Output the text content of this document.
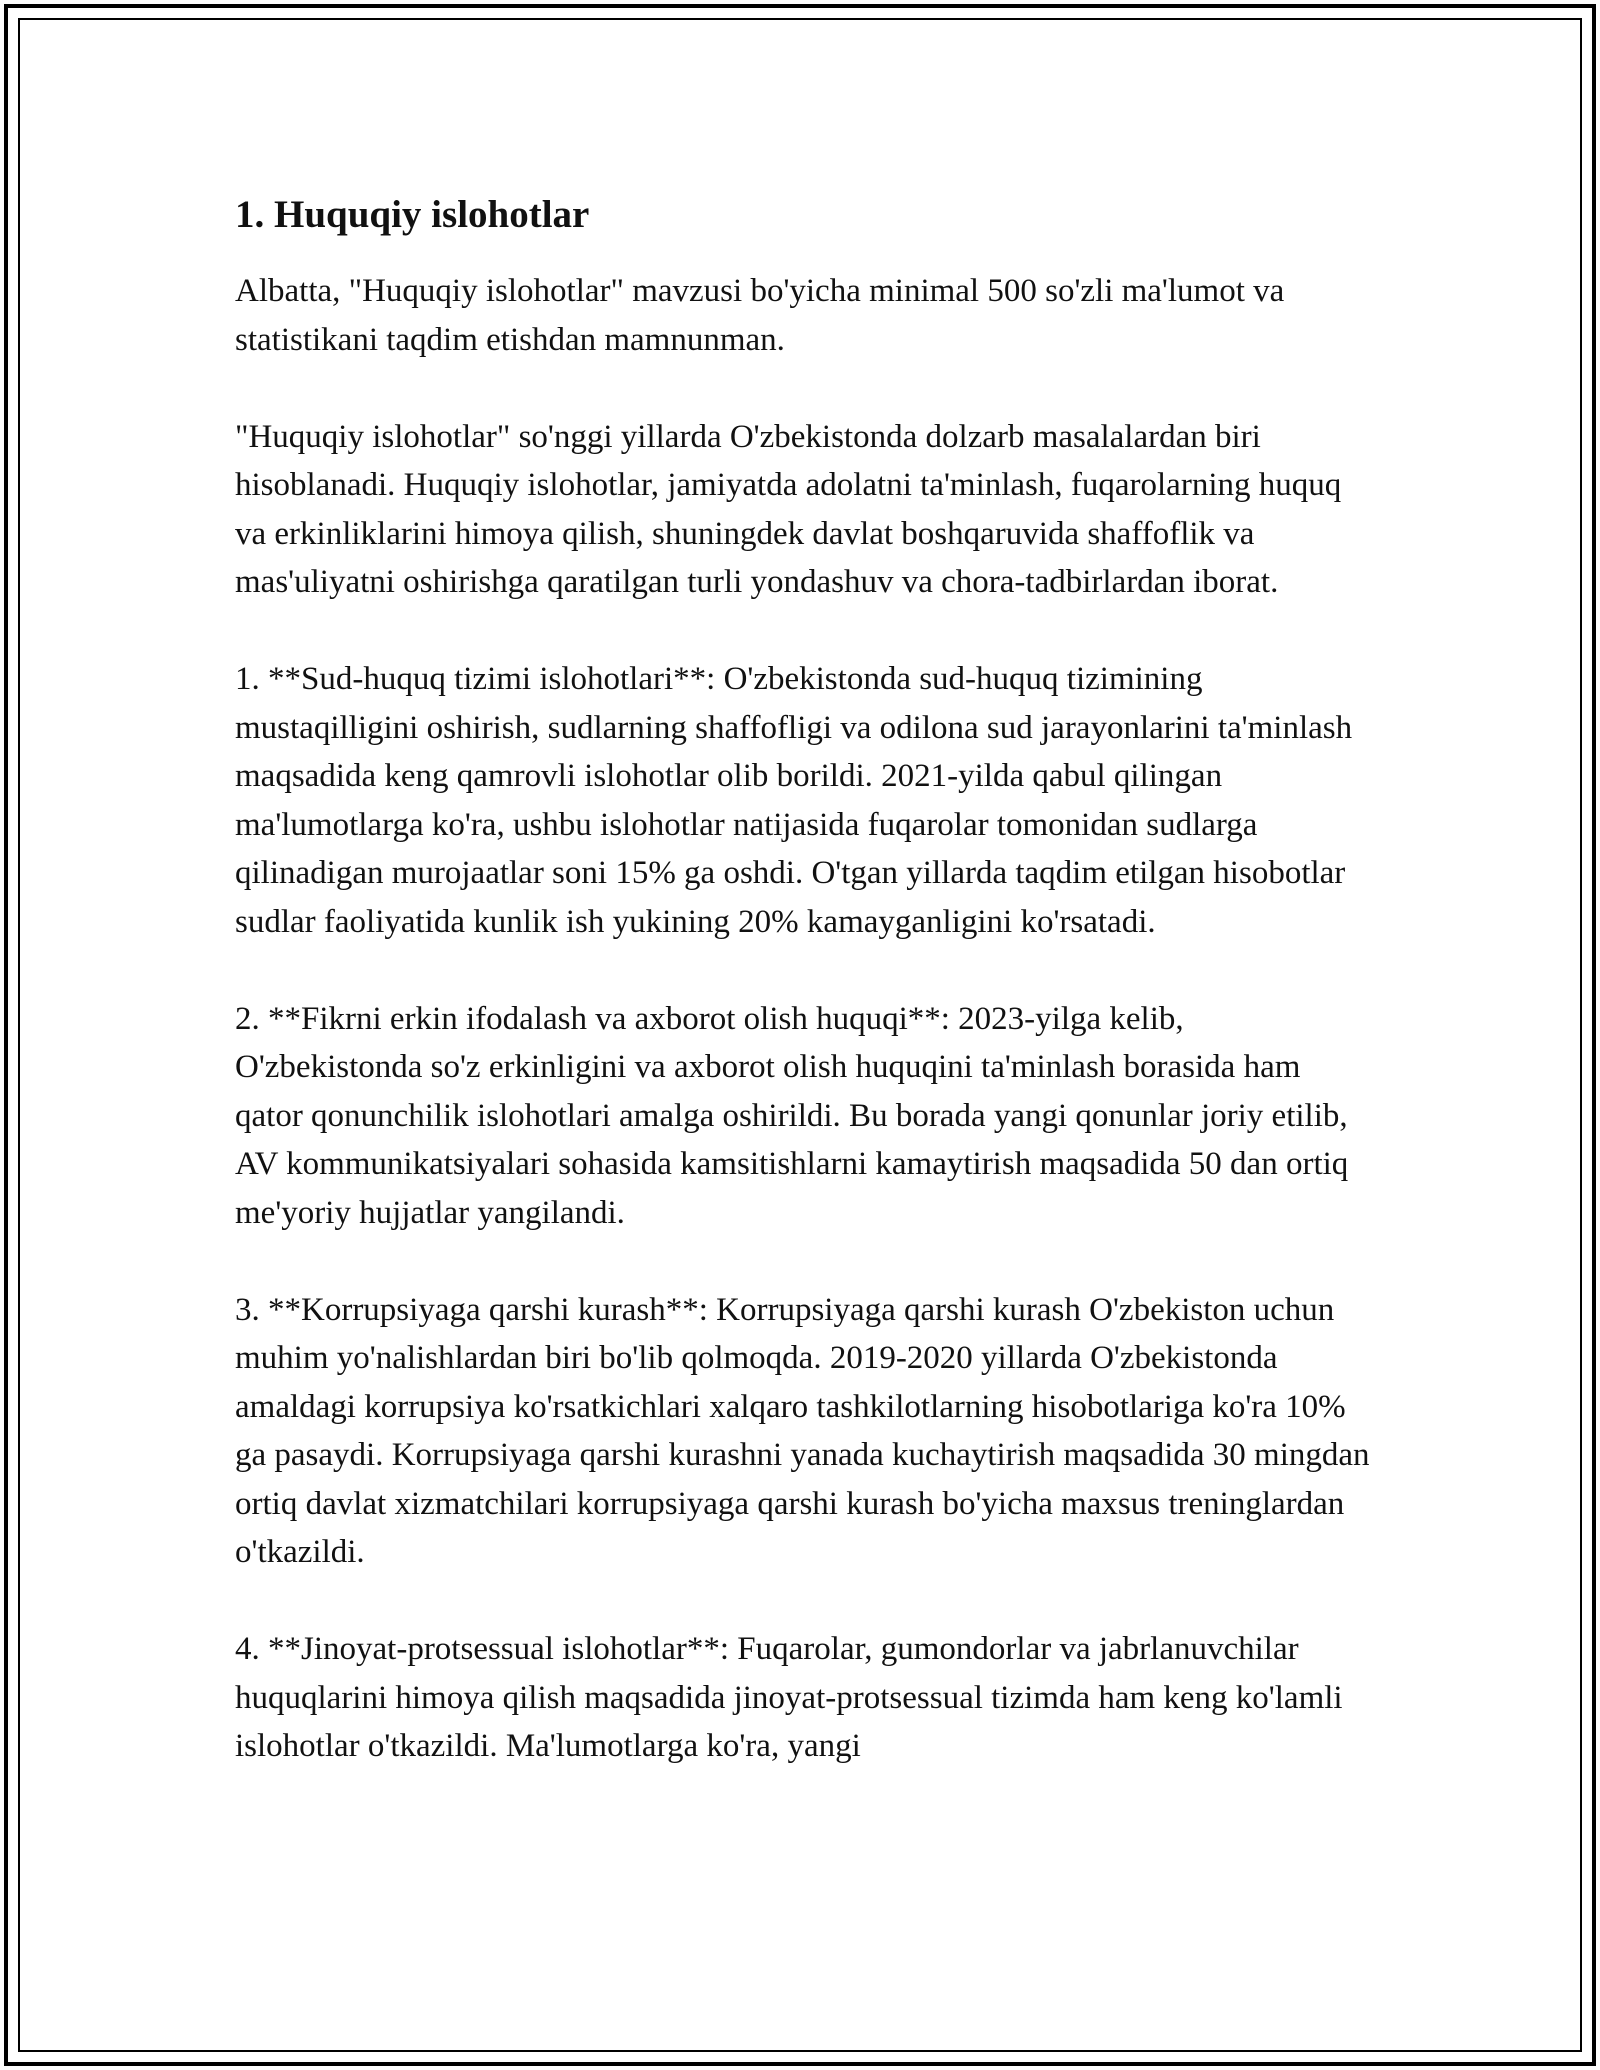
1. Huquqiy islohotlar

Albatta, "Huquqiy islohotlar" mavzusi bo'yicha minimal 500 so'zli ma'lumot va statistikani taqdim etishdan mamnunman.

"Huquqiy islohotlar" so'nggi yillarda O'zbekistonda dolzarb masalalardan biri hisoblanadi. Huquqiy islohotlar, jamiyatda adolatni ta'minlash, fuqarolarning huquq va erkinliklarini himoya qilish, shuningdek davlat boshqaruvida shaffoflik va mas'uliyatni oshirishga qaratilgan turli yondashuv va chora-tadbirlardan iborat.

1. **Sud-huquq tizimi islohotlari**: O'zbekistonda sud-huquq tizimining mustaqilligini oshirish, sudlarning shaffofligi va odilona sud jarayonlarini ta'minlash maqsadida keng qamrovli islohotlar olib borildi. 2021-yilda qabul qilingan ma'lumotlarga ko'ra, ushbu islohotlar natijasida fuqarolar tomonidan sudlarga qilinadigan murojaatlar soni 15% ga oshdi. O'tgan yillarda taqdim etilgan hisobotlar sudlar faoliyatida kunlik ish yukining 20% kamayganligini ko'rsatadi.

2. **Fikrni erkin ifodalash va axborot olish huquqi**: 2023-yilga kelib, O'zbekistonda so'z erkinligini va axborot olish huquqini ta'minlash borasida ham qator qonunchilik islohotlari amalga oshirildi. Bu borada yangi qonunlar joriy etilib, AV kommunikatsiyalari sohasida kamsitishlarni kamaytirish maqsadida 50 dan ortiq me'yoriy hujjatlar yangilandi.

3. **Korrupsiyaga qarshi kurash**: Korrupsiyaga qarshi kurash O'zbekiston uchun muhim yo'nalishlardan biri bo'lib qolmoqda. 2019-2020 yillarda O'zbekistonda amaldagi korrupsiya ko'rsatkichlari xalqaro tashkilotlarning hisobotlariga ko'ra 10% ga pasaydi. Korrupsiyaga qarshi kurashni yanada kuchaytirish maqsadida 30 mingdan ortiq davlat xizmatchilari korrupsiyaga qarshi kurash bo'yicha maxsus treninglardan o'tkazildi.

4. **Jinoyat-protsessual islohotlar**: Fuqarolar, gumondorlar va jabrlanuvchilar huquqlarini himoya qilish maqsadida jinoyat-protsessual tizimda ham keng ko'lamli islohotlar o'tkazildi. Ma'lumotlarga ko'ra, yangi
